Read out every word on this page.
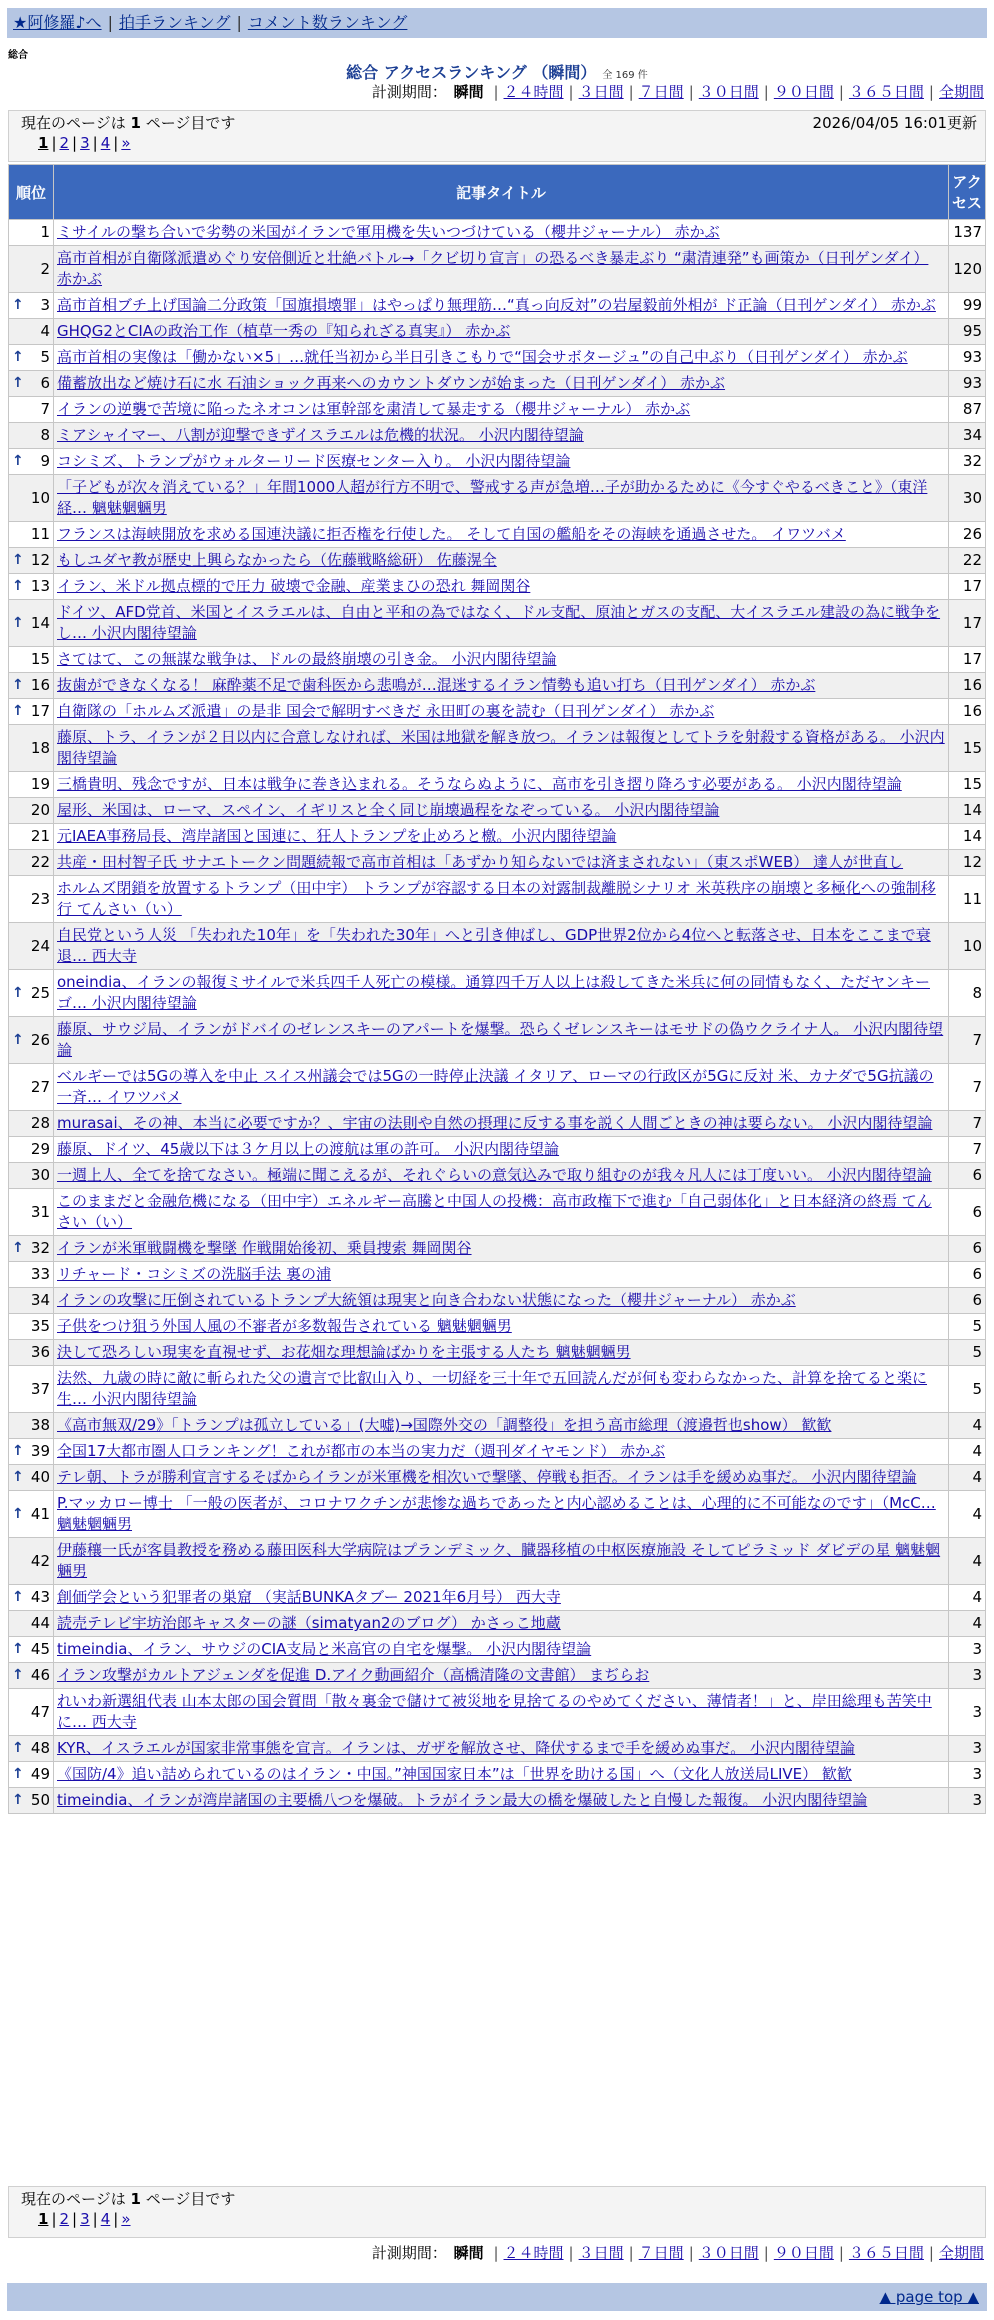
★阿修羅♪へ | 拍手ランキング | コメント数ランキング
総合
総合 アクセスランキング （瞬間） 全 169 件
計測期間： 瞬間 | ２４時間 | ３日間 | ７日間 | ３０日間 | ９０日間 | ３６５日間 | 全期間
現在のページは 1 ページ目です	2026/04/05 16:01更新
1 | 2 | 3 | 4 | »
順位	記事タイトル	アクセス
1	ミサイルの撃ち合いで劣勢の米国がイランで軍用機を失いつづけている（櫻井ジャーナル） 赤かぶ	137
2	高市首相が自衛隊派遣めぐり安倍側近と壮絶バトル→「クビ切り宣言」の恐るべき暴走ぶり “粛清連発”も画策か（日刊ゲンダイ） 赤かぶ	120

↑ 3	高市首相ブチ上げ国論二分政策「国旗損壊罪」はやっぱり無理筋…“真っ向反対”の岩屋毅前外相が ド正論（日刊ゲンダイ） 赤かぶ	99
4	GHQG2とCIAの政治工作（植草一秀の『知られざる真実』） 赤かぶ	95

↑ 5	高市首相の実像は「働かない×5」…就任当初から半日引きこもりで“国会サボタージュ”の自己中ぶり（日刊ゲンダイ） 赤かぶ	93

↑ 6	備蓄放出など焼け石に水 石油ショック再来へのカウントダウンが始まった（日刊ゲンダイ） 赤かぶ	93
7	イランの逆襲で苦境に陥ったネオコンは軍幹部を粛清して暴走する（櫻井ジャーナル） 赤かぶ	87
8	ミアシャイマー、八割が迎撃できずイスラエルは危機的状況。 小沢内閣待望論	34

↑ 9	コシミズ、トランプがウォルターリード医療センター入り。 小沢内閣待望論	32
10	「子どもが次々消えている？」年間1000人超が行方不明で、警戒する声が急増…子が助かるために《今すぐやるべきこと》（東洋経… 魑魅魍魎男	30
11	フランスは海峡開放を求める国連決議に拒否権を行使した。 そして自国の艦船をその海峡を通過させた。 イワツバメ	26

↑ 12	もしユダヤ教が歴史上興らなかったら（佐藤戦略総研） 佐藤滉全	22

↑ 13	イラン、米ドル拠点標的で圧力 破壊で金融、産業まひの恐れ 舞岡関谷	17

↑ 14	ドイツ、AFD党首、米国とイスラエルは、自由と平和の為ではなく、ドル支配、原油とガスの支配、大イスラエル建設の為に戦争をし… 小沢内閣待望論	17
15	さてはて、この無謀な戦争は、ドルの最終崩壊の引き金。 小沢内閣待望論	17

↑ 16	抜歯ができなくなる！ 麻酔薬不足で歯科医から悲鳴が…混迷するイラン情勢も追い打ち（日刊ゲンダイ） 赤かぶ	16

↑ 17	自衛隊の「ホルムズ派遣」の是非 国会で解明すべきだ 永田町の裏を読む（日刊ゲンダイ） 赤かぶ	16
18	藤原、トラ、イランが２日以内に合意しなければ、米国は地獄を解き放つ。イランは報復としてトラを射殺する資格がある。 小沢内閣待望論	15
19	三橋貴明、残念ですが、日本は戦争に巻き込まれる。そうならぬように、高市を引き摺り降ろす必要がある。 小沢内閣待望論	15
20	屋形、米国は、ローマ、スペイン、イギリスと全く同じ崩壊過程をなぞっている。 小沢内閣待望論	14
21	元IAEA事務局長、湾岸諸国と国連に、狂人トランプを止めろと檄。小沢内閣待望論	14
22	共産・田村智子氏 サナエトークン問題続報で高市首相は「あずかり知らないでは済まされない」（東スポWEB） 達人が世直し	12
23	ホルムズ閉鎖を放置するトランプ（田中宇） トランプが容認する日本の対露制裁離脱シナリオ 米英秩序の崩壊と多極化への強制移行 てんさい（い）	11
24	自民党という人災 「失われた10年」を「失われた30年」へと引き伸ばし、GDP世界2位から4位へと転落させ、日本をここまで衰退… 西大寺	10

↑ 25	oneindia、イランの報復ミサイルで米兵四千人死亡の模様。通算四千万人以上は殺してきた米兵に何の同情もなく、ただヤンキーゴ… 小沢内閣待望論	8

↑ 26	藤原、サウジ局、イランがドバイのゼレンスキーのアパートを爆撃。恐らくゼレンスキーはモサドの偽ウクライナ人。 小沢内閣待望論	7
27	ベルギーでは5Gの導入を中止 スイス州議会では5Gの一時停止決議 イタリア、ローマの行政区が5Gに反対 米、カナダで5G抗議の一斉… イワツバメ	7
28	murasai、その神、本当に必要ですか？、宇宙の法則や自然の摂理に反する事を説く人間ごときの神は要らない。 小沢内閣待望論	7
29	藤原、ドイツ、45歳以下は３ケ月以上の渡航は軍の許可。 小沢内閣待望論	7
30	一週上人、全てを捨てなさい。極端に聞こえるが、それぐらいの意気込みで取り組むのが我々凡人には丁度いい。 小沢内閣待望論	6
31	このままだと金融危機になる（田中宇）エネルギー高騰と中国人の投機：高市政権下で進む「自己弱体化」と日本経済の終焉 てんさい（い）	6

↑ 32	イランが米軍戦闘機を撃墜 作戦開始後初、乗員捜索 舞岡関谷	6
33	リチャード・コシミズの洗脳手法 裏の浦	6
34	イランの攻撃に圧倒されているトランプ大統領は現実と向き合わない状態になった（櫻井ジャーナル） 赤かぶ	6
35	子供をつけ狙う外国人風の不審者が多数報告されている 魑魅魍魎男	5
36	決して恐ろしい現実を直視せず、お花畑な理想論ばかりを主張する人たち 魑魅魍魎男	5
37	法然、九歳の時に敵に斬られた父の遺言で比叡山入り、一切経を三十年で五回読んだが何も変わらなかった、計算を捨てると楽に生… 小沢内閣待望論	5
38	《高市無双/29》「トランプは孤立している」(大嘘)→国際外交の「調整役」を担う高市総理（渡邉哲也show） 歓歓	4

↑ 39	全国17大都市圏人口ランキング！これが都市の本当の実力だ（週刊ダイヤモンド） 赤かぶ	4

↑ 40	テレ朝、トラが勝利宣言するそばからイランが米軍機を相次いで撃墜、停戦も拒否。イランは手を緩めぬ事だ。 小沢内閣待望論	4

↑ 41	P.マッカロー博士 「一般の医者が、コロナワクチンが悲惨な過ちであったと内心認めることは、心理的に不可能なのです」（McC… 魑魅魍魎男	4
42	伊藤穰一氏が客員教授を務める藤田医科大学病院はプランデミック、臓器移植の中枢医療施設 そしてピラミッド ダビデの星 魑魅魍魎男	4

↑ 43	創価学会という犯罪者の巣窟 （実話BUNKAタブー 2021年6月号） 西大寺	4
44	読売テレビ宇坊治郎キャスターの謎（simatyan2のブログ） かさっこ地蔵	4

↑ 45	timeindia、イラン、サウジのCIA支局と米高官の自宅を爆撃。 小沢内閣待望論	3

↑ 46	イラン攻撃がカルトアジェンダを促進 D.アイク動画紹介（高橋清隆の文書館） まぢらお	3
47	れいわ新選組代表 山本太郎の国会質問「散々裏金で儲けて被災地を見捨てるのやめてください、薄情者！」と、岸田総理も苦笑中に… 西大寺	3

↑ 48	KYR、イスラエルが国家非常事態を宣言。イランは、ガザを解放させ、降伏するまで手を緩めぬ事だ。 小沢内閣待望論	3

↑ 49	《国防/4》追い詰められているのはイラン・中国。”神国国家日本”は「世界を助ける国」へ（文化人放送局LIVE） 歓歓	3

↑ 50	timeindia、イランが湾岸諸国の主要橋八つを爆破。トラがイラン最大の橋を爆破したと自慢した報復。 小沢内閣待望論	3
計測期間： 瞬間 | ２４時間 | ３日間 | ７日間 | ３０日間 | ９０日間 | ３６５日間 | 全期間
現在のページは 1 ページ目です
1 | 2 | 3 | 4 | »
▲ page top ▲
